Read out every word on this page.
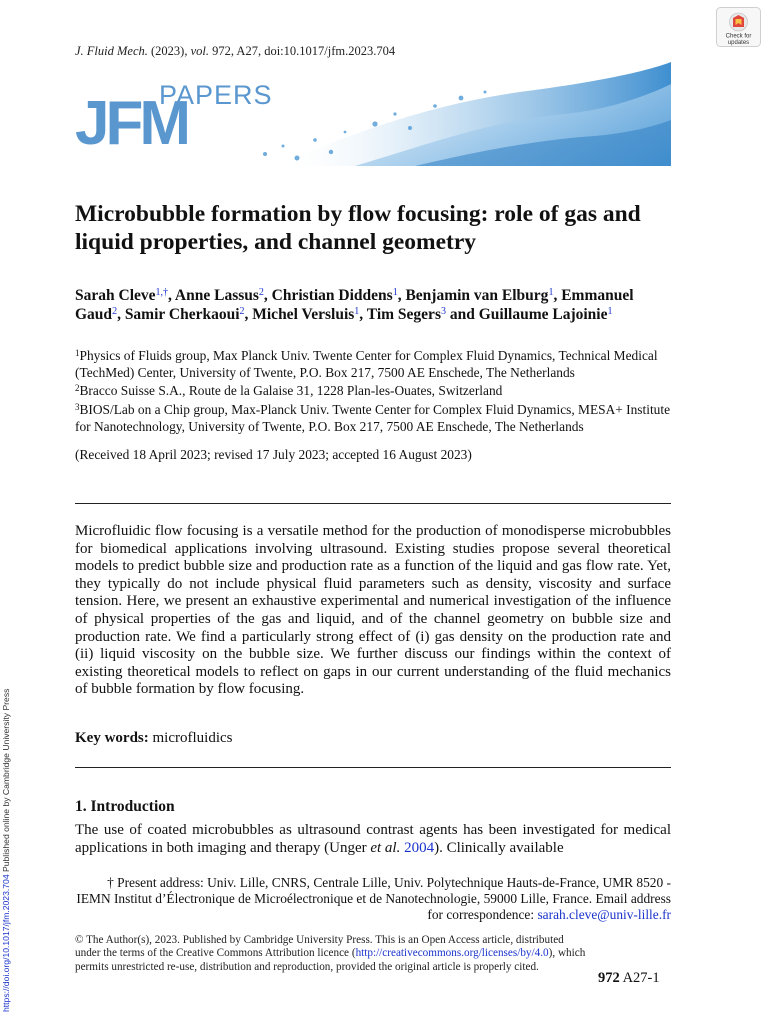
J. Fluid Mech. (2023), vol. 972, A27, doi:10.1017/jfm.2023.704
Check for
updates
JFM
PAPERS
Microbubble formation by flow focusing: role of gas and liquid properties, and channel geometry
Sarah Cleve$^{1,\dagger}$, Anne Lassus$^2$, Christian Diddens$^1$, Benjamin van Elburg$^1$, Emmanuel Gaud$^2$, Samir Cherkaoui$^2$, Michel Versluis$^1$, Tim Segers$^3$ and Guillaume Lajoinie$^1$
$^1$Physics of Fluids group, Max Planck Univ. Twente Center for Complex Fluid Dynamics, Technical Medical (TechMed) Center, University of Twente, P.O. Box 217, 7500 AE Enschede, The Netherlands
$^2$Bracco Suisse S.A., Route de la Galaise 31, 1228 Plan-les-Ouates, Switzerland
$^3$BIOS/Lab on a Chip group, Max-Planck Univ. Twente Center for Complex Fluid Dynamics, MESA+ Institute for Nanotechnology, University of Twente, P.O. Box 217, 7500 AE Enschede, The Netherlands
(Received 18 April 2023; revised 17 July 2023; accepted 16 August 2023)
Microfluidic flow focusing is a versatile method for the production of monodisperse microbubbles for biomedical applications involving ultrasound. Existing studies propose several theoretical models to predict bubble size and production rate as a function of the liquid and gas flow rate. Yet, they typically do not include physical fluid parameters such as density, viscosity and surface tension. Here, we present an exhaustive experimental and numerical investigation of the influence of physical properties of the gas and liquid, and of the channel geometry on bubble size and production rate. We find a particularly strong effect of (i) gas density on the production rate and (ii) liquid viscosity on the bubble size. We further discuss our findings within the context of existing theoretical models to reflect on gaps in our current understanding of the fluid mechanics of bubble formation by flow focusing.
Key words: microfluidics
1. Introduction
The use of coated microbubbles as ultrasound contrast agents has been investigated for medical applications in both imaging and therapy (Unger et al. 2004). Clinically available
† Present address: Univ. Lille, CNRS, Centrale Lille, Univ. Polytechnique Hauts-de-France, UMR 8520 - IEMN Institut d’Électronique de Microélectronique et de Nanotechnologie, 59000 Lille, France. Email address for correspondence: sarah.cleve@univ-lille.fr
© The Author(s), 2023. Published by Cambridge University Press. This is an Open Access article, distributed under the terms of the Creative Commons Attribution licence (http://creativecommons.org/licenses/by/4.0), which permits unrestricted re-use, distribution and reproduction, provided the original article is properly cited.
972 A27-1
https://doi.org/10.1017/jfm.2023.704 Published online by Cambridge University Press
